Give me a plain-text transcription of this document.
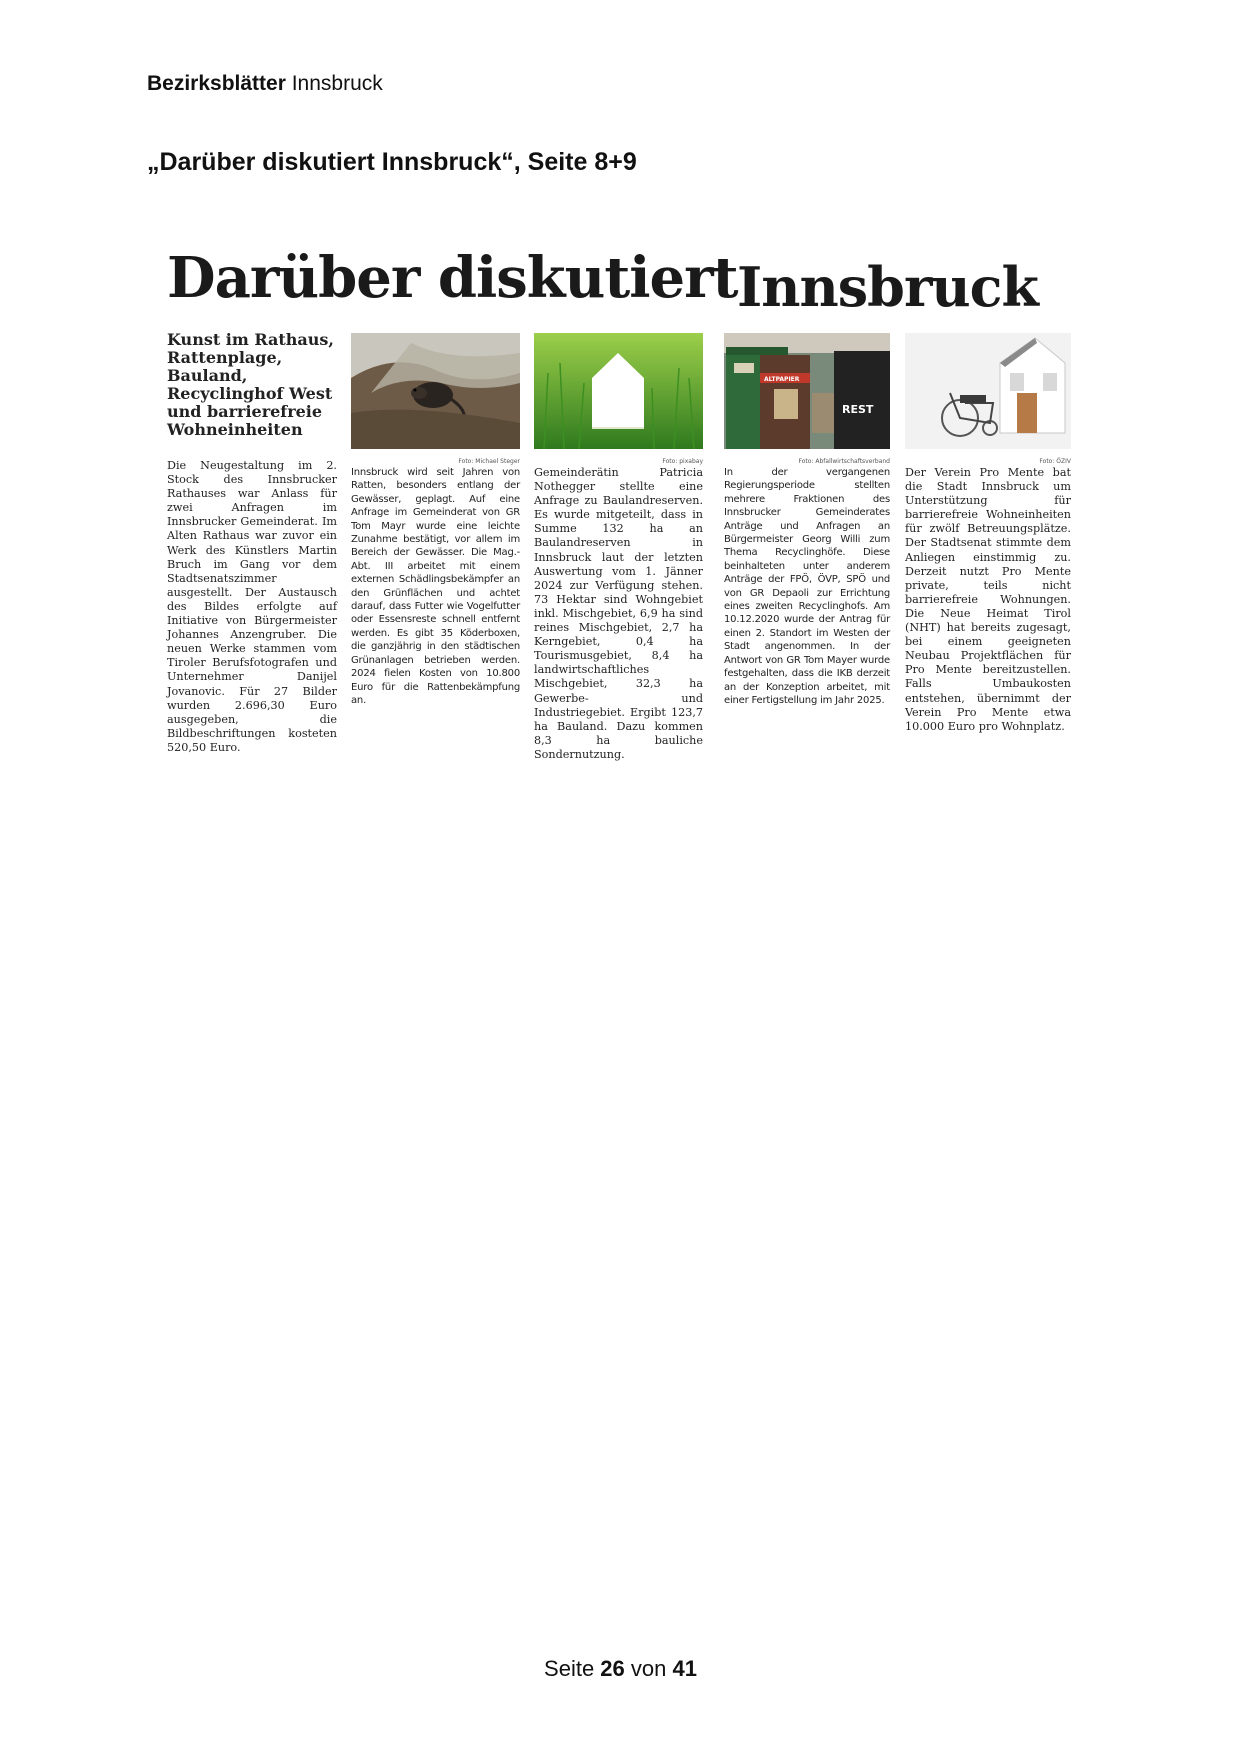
Bezirksblätter Innsbruck
„Darüber diskutiert Innsbruck“, Seite 8+9
Darüber diskutiert Innsbruck
Kunst im Rathaus, Rattenplage, Bauland, Recyclinghof West und barrierefreie Wohneinheiten
Die Neugestaltung im 2. Stock des Innsbrucker Rathauses war Anlass für zwei Anfragen im Innsbrucker Gemeinderat. Im Alten Rathaus war zuvor ein Werk des Künstlers Martin Bruch im Gang vor dem Stadtsenatszimmer ausgestellt. Der Austausch des Bildes erfolgte auf Initiative von Bürgermeister Johannes Anzengruber. Die neuen Werke stammen vom Tiroler Berufsfotografen und Unternehmer Danijel Jovanovic. Für 27 Bilder wurden 2.696,30 Euro ausgegeben, die Bildbeschriftungen kosteten 520,50 Euro.
Foto: Michael Steger
Innsbruck wird seit Jahren von Ratten, besonders entlang der Gewässer, geplagt. Auf eine Anfrage im Gemeinderat von GR Tom Mayr wurde eine leichte Zunahme bestätigt, vor allem im Bereich der Gewässer. Die Mag.-Abt. III arbeitet mit einem externen Schädlingsbekämpfer an den Grünflächen und achtet darauf, dass Futter wie Vogelfutter oder Essensreste schnell entfernt werden. Es gibt 35 Köderboxen, die ganzjährig in den städtischen Grünanlagen betrieben werden. 2024 fielen Kosten von 10.800 Euro für die Rattenbekämpfung an.
Foto: pixabay
Gemeinderätin Patricia Nothegger stellte eine Anfrage zu Baulandreserven. Es wurde mitgeteilt, dass in Summe 132 ha an Baulandreserven in Innsbruck laut der letzten Auswertung vom 1. Jänner 2024 zur Verfügung stehen. 73 Hektar sind Wohngebiet inkl. Mischgebiet, 6,9 ha sind reines Mischgebiet, 2,7 ha Kerngebiet, 0,4 ha Tourismusgebiet, 8,4 ha landwirtschaftliches Mischgebiet, 32,3 ha Gewerbe- und Industriegebiet. Ergibt 123,7 ha Bauland. Dazu kommen 8,3 ha bauliche Sondernutzung.
ALTPAPIER
REST
Foto: Abfallwirtschaftsverband
In der vergangenen Regierungsperiode stellten mehrere Fraktionen des Innsbrucker Gemeinderates Anträge und Anfragen an Bürgermeister Georg Willi zum Thema Recyclinghöfe. Diese beinhalteten unter anderem Anträge der FPÖ, ÖVP, SPÖ und von GR Depaoli zur Errichtung eines zweiten Recyclinghofs. Am 10.12.2020 wurde der Antrag für einen 2. Standort im Westen der Stadt angenommen. In der Antwort von GR Tom Mayer wurde festgehalten, dass die IKB derzeit an der Konzeption arbeitet, mit einer Fertigstellung im Jahr 2025.
Foto: ÖZIV
Der Verein Pro Mente bat die Stadt Innsbruck um Unterstützung für barrierefreie Wohneinheiten für zwölf Betreuungsplätze. Der Stadtsenat stimmte dem Anliegen einstimmig zu. Derzeit nutzt Pro Mente private, teils nicht barrierefreie Wohnungen. Die Neue Heimat Tirol (NHT) hat bereits zugesagt, bei einem geeigneten Neubau Projektflächen für Pro Mente bereitzustellen. Falls Umbaukosten entstehen, übernimmt der Verein Pro Mente etwa 10.000 Euro pro Wohnplatz.
Seite 26 von 41
